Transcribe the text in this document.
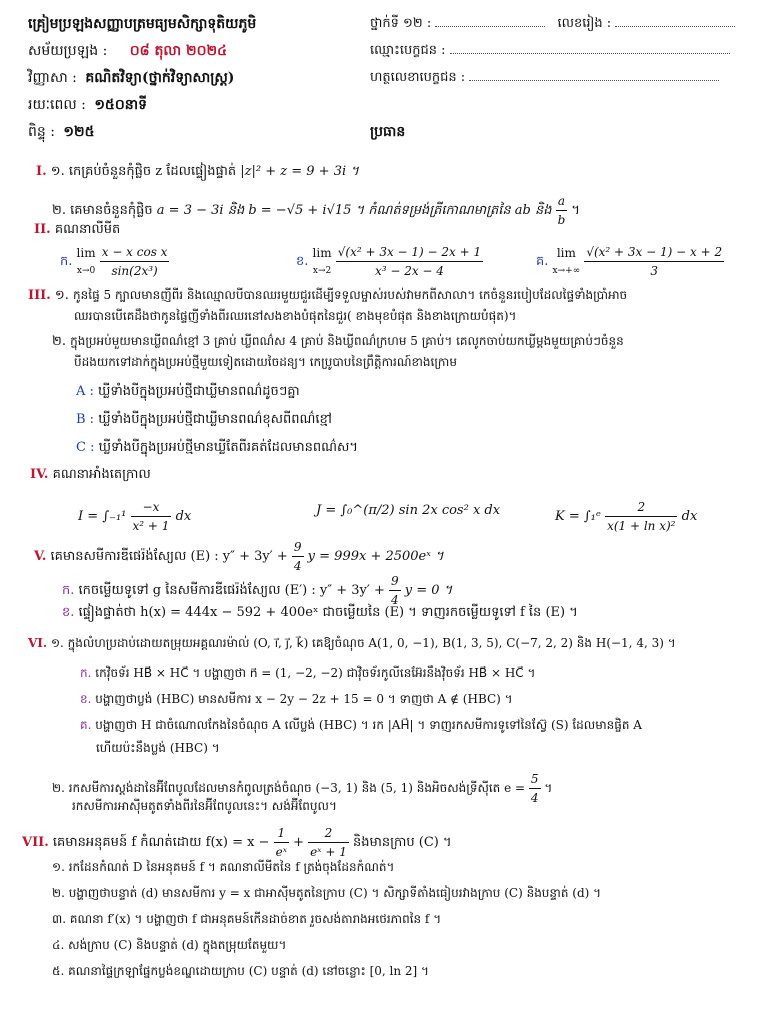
គ្រៀមប្រឡងសញ្ញាបត្រមធ្យមសិក្សាទុតិយភូមិ	ថ្នាក់ទី ១២ :	លេខរៀង :
សម័យប្រឡង : ០៨ តុលា ២០២៤	ឈ្មោះបេក្ខជន :
វិញ្ញាសា : គណិតវិទ្យា(ថ្នាក់វិទ្យាសាស្ត្រ)	ហត្ថលេខាបេក្ខជន :
រយៈពេល : ១៥០នាទី
ពិន្ទុ : ១២៥	ប្រធាន
I. ១. កេគ្រប់ចំនួនកុំផ្លិច z ដែលផ្ទៀងផ្ទាត់ |z|² + z = 9 + 3i ។
២. គេមានចំនួនកុំផ្លិច a = 3 − 3i និង b = −√5 + i√15 ។ កំណត់ទម្រង់ត្រីកោណមាត្រនៃ ab និង $\frac{a}{b}$ ។
II. គណនាលីមីត
ក. lim
x→0
$\frac{\text{x − x cos x}}{\text{sin(2x³)}}$	ខ. lim
x→2
$\frac{\text{√(x² + 3x − 1) − 2x + 1}}{\text{x³ − 2x − 4}}$	គ. lim
x→+∞
$\frac{\text{√(x² + 3x − 1) − x + 2}}{3}$
III. ១. កូនផ្ទៃ 5 ក្បាលមានញីពីរ និងឈ្មោលបីបានឈរមួយជួរដើម្បីទទួលម្ចាស់របស់វាមកពីសាលា។ កេចំនួនរបៀបដែលផ្ទៃទាំងប្រាំអាច
ឈរបានបើគេដឹងថាកូនផ្ទៃញីទាំងពីរឈរនៅសងខាងបំផុតនៃជួរ( ខាងមុខបំផុត និងខាងក្រោយបំផុត)។
២. ក្នុងប្រអប់មួយមានឃ្លីពណ៌ខ្មៅ 3 គ្រាប់ ឃ្លីពណ៌ស 4 គ្រាប់ និងឃ្លីពណ៌ក្រហម 5 គ្រាប់។ គេលូកចាប់យកឃ្លីម្តងមួយគ្រាប់ៗចំនួន
បីដងយកទៅដាក់ក្នុងប្រអប់ថ្មីមួយទៀតដោយចៃដន្យ។ កេប្រូបាបនៃព្រឹត្តិការណ៍ខាងក្រោម
A : ឃ្លីទាំងបីក្នុងប្រអប់ថ្មីជាឃ្លីមានពណ៌ដូចៗគ្នា
B : ឃ្លីទាំងបីក្នុងប្រអប់ថ្មីជាឃ្លីមានពណ៌ខុសពីពណ៌ខ្មៅ
C : ឃ្លីទាំងបីក្នុងប្រអប់ថ្មីមានឃ្លីតែពីរគត់ដែលមានពណ៌ស។
IV. គណនាអាំងតេក្រាល
$I = \int_{-1}^1 \frac{-x}{\text{x² + 1}}$ dx	J = ∫₀^(π/2) sin 2x cos² x dx	K = ∫₁ᵉ $\frac{2}{\text{x(1 + ln x)²}}$ dx
V. គេមានសមីការឌីផេរ៉ង់ស្យែល (E) : $y'' + 3y' + \frac{9}{4}$ y = 999x + 2500eˣ ។
ក. កេចម្លើយទូទៅ g នៃសមីការឌីផេរ៉ង់ស្យែល (E′) : $y'' + 3y' + \frac{9}{4}$ y = 0 ។
ខ. ផ្ទៀងផ្ទាត់ថា h(x) = 444x − 592 + 400eˣ ជាចម្លើយនៃ (E) ។ ទាញរកចម្លើយទូទៅ f នៃ (E) ។
VI. ១. ក្នុងលំហប្រដាប់ដោយតម្រុយអគ្គណរម៉ាល់ (O, i⃗, j⃗, k⃗) គេឱ្យចំណុច A(1, 0, −1), B(1, 3, 5), C(−7, 2, 2) និង H(−1, 4, 3) ។
ក. កេវ៉ិចទ័រ HB⃗ × HC⃗ ។ បង្ហាញថា n⃗ = (1, −2, −2) ជាវ៉ិចទ័រកូលីនេអ៊ែរនឹងវ៉ិចទ័រ HB⃗ × HC⃗ ។
ខ. បង្ហាញថាប្លង់ (HBC) មានសមីការ x − 2y − 2z + 15 = 0 ។ ទាញថា A ∉ (HBC) ។
គ. បង្ហាញថា H ជាចំណោលកែងនៃចំណុច A លើប្លង់ (HBC) ។ រក |AH⃗| ។ ទាញរកសមីការទូទៅនៃស្វ៊ែ (S) ដែលមានផ្ចិត A
ហើយប៉ះនឹងប្លង់ (HBC) ។
២. រកសមីការស្តង់ដានៃអ៊ីពែបូលដែលមានកំពូលត្រង់ចំណុច (−3, 1) និង (5, 1) និងអិចសង់ទ្រីស៊ីតេ $e = \frac{5}{4}$ ។
រកសមីការអាស៊ីមតូតទាំងពីរនៃអ៊ីពែបូលនេះ។ សង់អ៊ីពែបូល។
VII. គេមានអនុគមន៍ f កំណត់ដោយ $f(x) = x - \frac{1}{\text{eˣ}} + \frac{2}{\text{eˣ + 1}}$ និងមានក្រាប (C) ។
១. រកដែនកំណត់ D នៃអនុគមន៍ f ។ គណនាលីមីតនៃ f ត្រង់ចុងដែនកំណត់។
២. បង្ហាញថាបន្ទាត់ (d) មានសមីការ y = x ជាអាស៊ីមតូតនៃក្រាប (C) ។ សិក្សាទីតាំងធៀបរវាងក្រាប (C) និងបន្ទាត់ (d) ។
៣. គណនា f′(x) ។ បង្ហាញថា f ជាអនុគមន៍កើនដាច់ខាត រួចសង់តារាងអថេរភាពនៃ f ។
៤. សង់ក្រាប (C) និងបន្ទាត់ (d) ក្នុងតម្រុយតែមួយ។
៥. គណនាផ្ទៃក្រឡាផ្នែកប្លង់ខណ្ឌដោយក្រាប (C) បន្ទាត់ (d) នៅចន្លោះ [0, ln 2] ។
